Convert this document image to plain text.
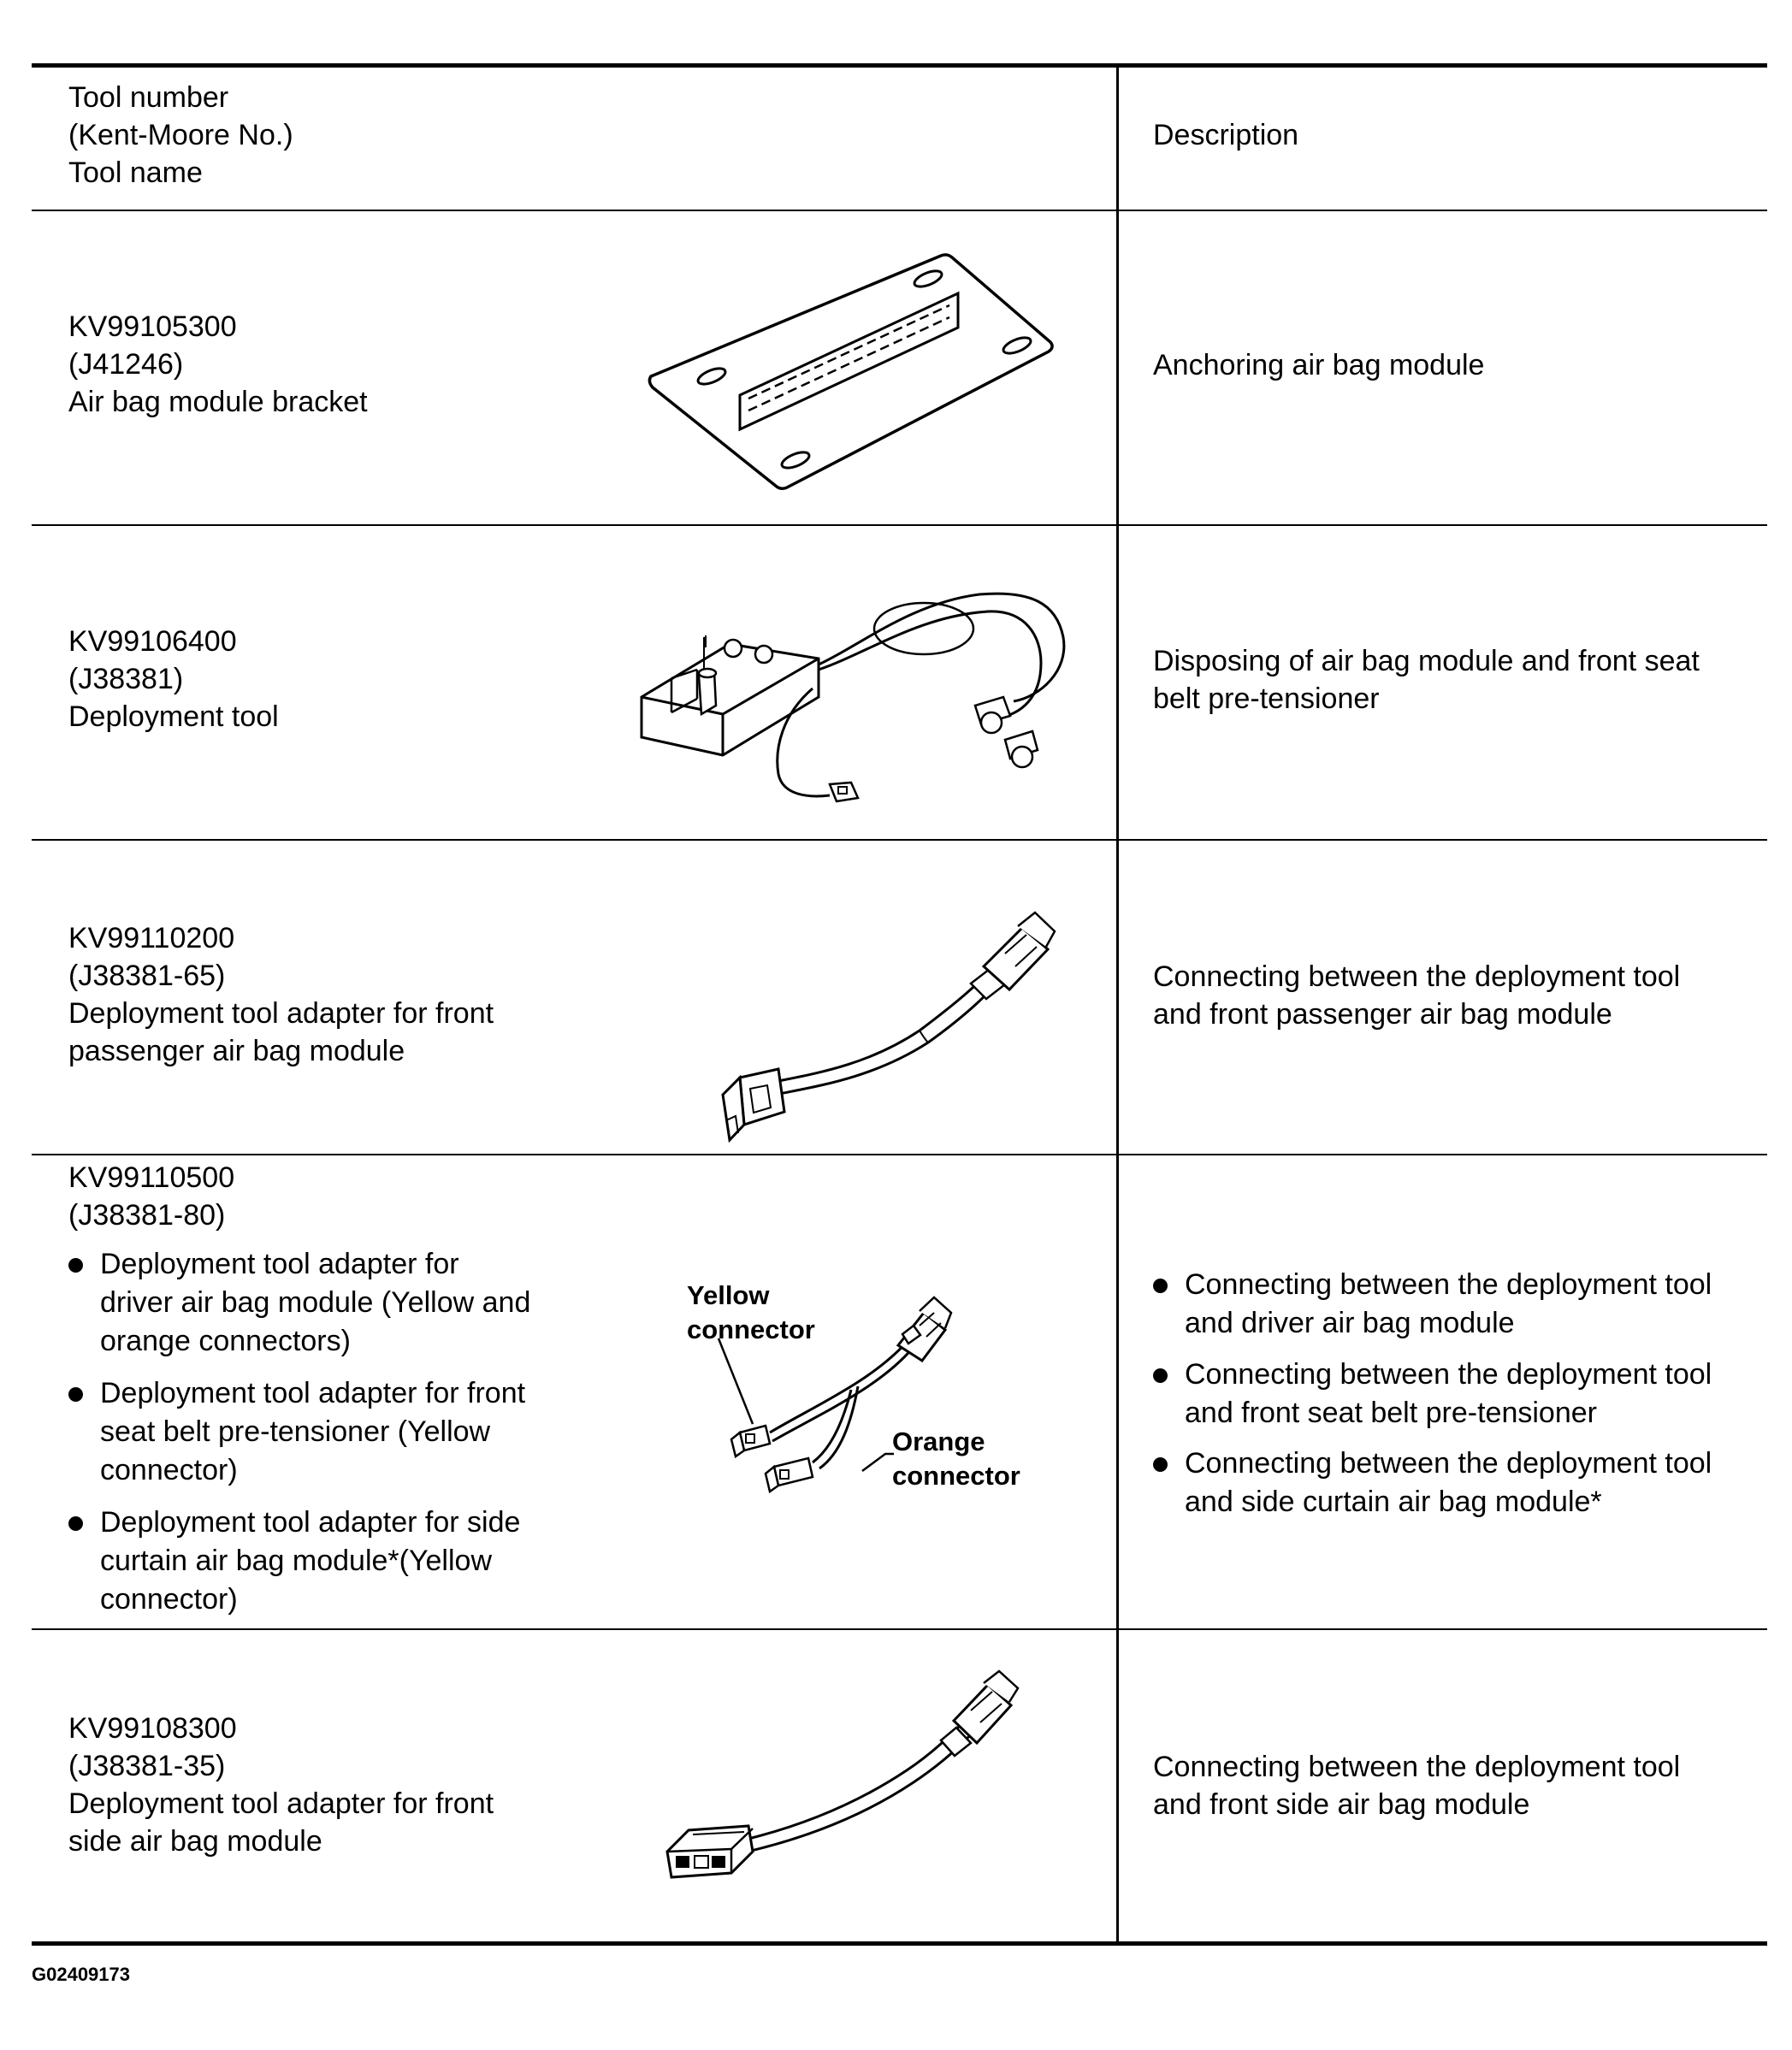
Tool number
(Kent-Moore No.)
Tool name
Description
KV99105300
(J41246)
Air bag module bracket
Anchoring air bag module
KV99106400
(J38381)
Deployment tool
Disposing of air bag module and front seat
belt pre-tensioner
KV99110200
(J38381-65)
Deployment tool adapter for front
passenger air bag module
Connecting between the deployment tool
and front passenger air bag module
KV99110500
(J38381-80)
Deployment tool adapter for
driver air bag module (Yellow and
orange connectors)
Deployment tool adapter for front
seat belt pre-tensioner (Yellow
connector)
Deployment tool adapter for side
curtain air bag module*(Yellow
connector)
Yellow
connector
Orange
connector
Connecting between the deployment tool
and driver air bag module
Connecting between the deployment tool
and front seat belt pre-tensioner
Connecting between the deployment tool
and side curtain air bag module*
KV99108300
(J38381-35)
Deployment tool adapter for front
side air bag module
Connecting between the deployment tool
and front side air bag module
G02409173
